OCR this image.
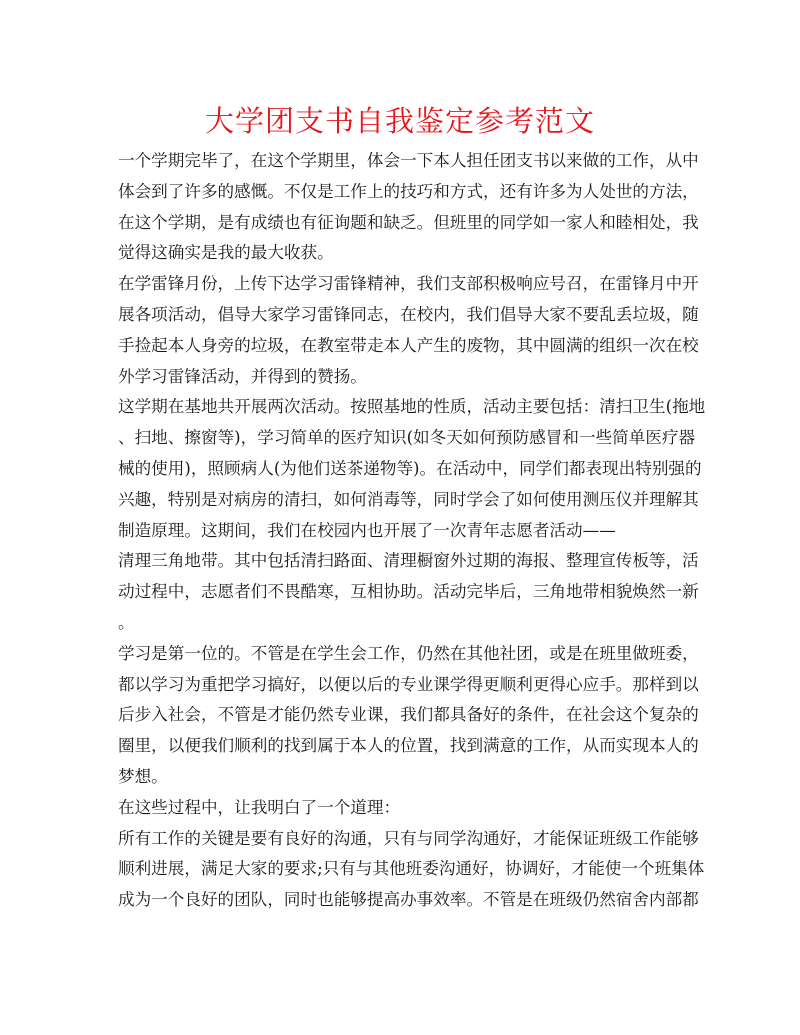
大学团支书自我鉴定参考范文
一个学期完毕了，在这个学期里，体会一下本人担任团支书以来做的工作，从中
体会到了许多的感慨。不仅是工作上的技巧和方式，还有许多为人处世的方法，
在这个学期，是有成绩也有征询题和缺乏。但班里的同学如一家人和睦相处，我
觉得这确实是我的最大收获。
在学雷锋月份，上传下达学习雷锋精神，我们支部积极响应号召，在雷锋月中开
展各项活动，倡导大家学习雷锋同志，在校内，我们倡导大家不要乱丢垃圾，随
手捡起本人身旁的垃圾，在教室带走本人产生的废物，其中圆满的组织一次在校
外学习雷锋活动，并得到的赞扬。
这学期在基地共开展两次活动。按照基地的性质，活动主要包括：清扫卫生(拖地
、扫地、擦窗等)，学习简单的医疗知识(如冬天如何预防感冒和一些简单医疗器
械的使用)，照顾病人(为他们送茶递物等)。在活动中，同学们都表现出特别强的
兴趣，特别是对病房的清扫，如何消毒等，同时学会了如何使用测压仪并理解其
制造原理。这期间，我们在校园内也开展了一次青年志愿者活动——
清理三角地带。其中包括清扫路面、清理橱窗外过期的海报、整理宣传板等，活
动过程中，志愿者们不畏酷寒，互相协助。活动完毕后，三角地带相貌焕然一新
。
学习是第一位的。不管是在学生会工作，仍然在其他社团，或是在班里做班委，
都以学习为重把学习搞好，以便以后的专业课学得更顺利更得心应手。那样到以
后步入社会，不管是才能仍然专业课，我们都具备好的条件，在社会这个复杂的
圈里，以便我们顺利的找到属于本人的位置，找到满意的工作，从而实现本人的
梦想。
在这些过程中，让我明白了一个道理：
所有工作的关键是要有良好的沟通，只有与同学沟通好，才能保证班级工作能够
顺利进展，满足大家的要求;只有与其他班委沟通好，协调好，才能使一个班集体
成为一个良好的团队，同时也能够提高办事效率。不管是在班级仍然宿舍内部都
